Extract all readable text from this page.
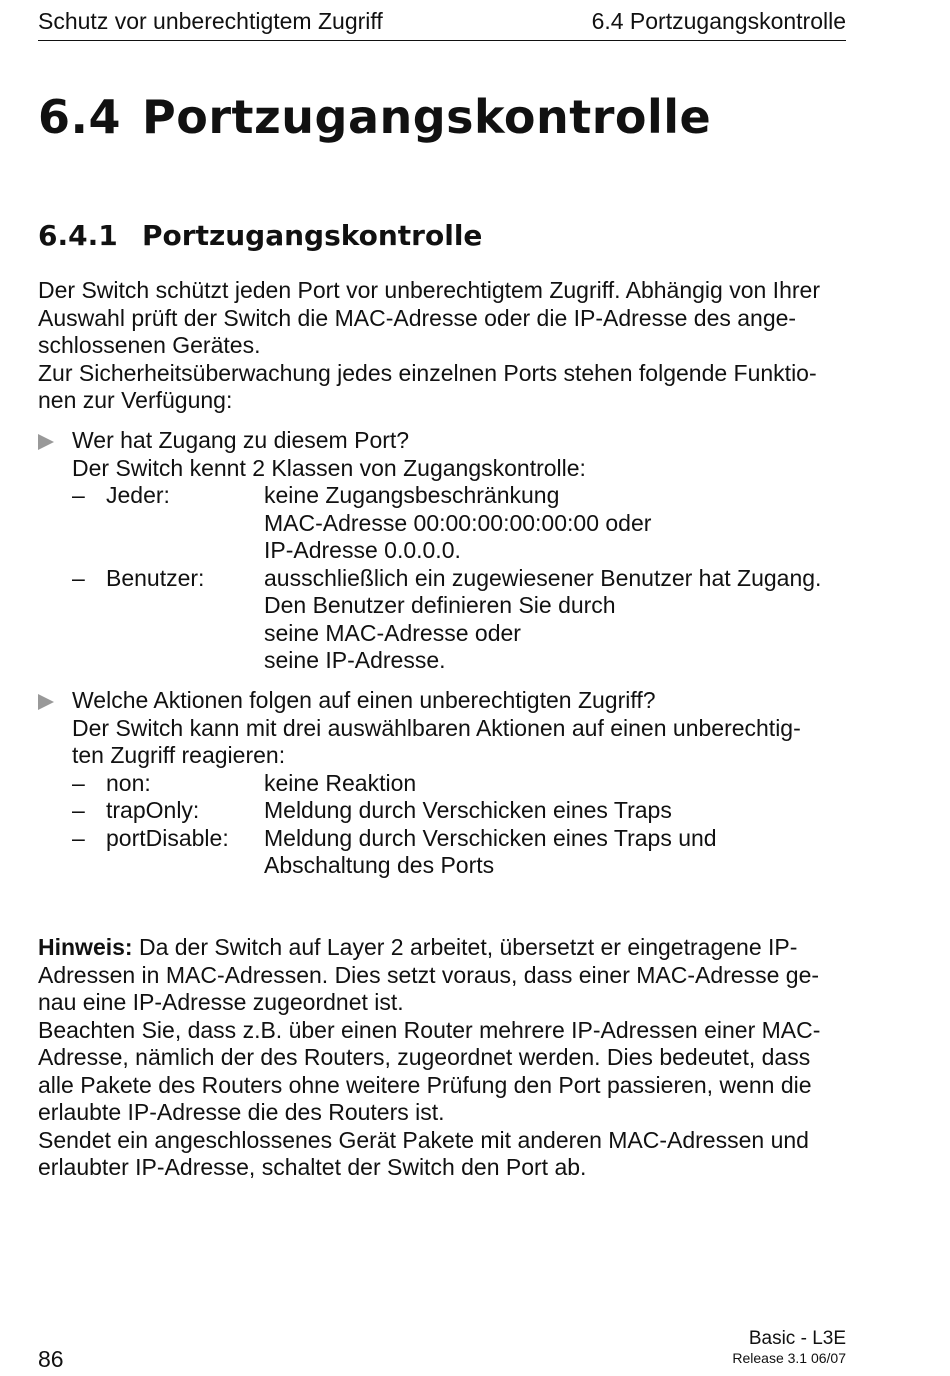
Schutz vor unberechtigtem Zugriff	6.4 Portzugangskontrolle
6.4 Portzugangskontrolle
6.4.1 Portzugangskontrolle
Der Switch schützt jeden Port vor unberechtigtem Zugriff. Abhängig von Ihrer
Auswahl prüft der Switch die MAC-Adresse oder die IP-Adresse des ange-
schlossenen Gerätes.
Zur Sicherheitsüberwachung jedes einzelnen Ports stehen folgende Funktio-
nen zur Verfügung:
Wer hat Zugang zu diesem Port?
Der Switch kennt 2 Klassen von Zugangskontrolle:
– Jeder:	keine Zugangsbeschränkung
MAC-Adresse 00:00:00:00:00:00 oder
IP-Adresse 0.0.0.0.
– Benutzer:	ausschließlich ein zugewiesener Benutzer hat Zugang.
Den Benutzer definieren Sie durch
seine MAC-Adresse oder
seine IP-Adresse.
Welche Aktionen folgen auf einen unberechtigten Zugriff?
Der Switch kann mit drei auswählbaren Aktionen auf einen unberechtig-
ten Zugriff reagieren:
– non:	keine Reaktion
– trapOnly:	Meldung durch Verschicken eines Traps
– portDisable:	Meldung durch Verschicken eines Traps und
Abschaltung des Ports
Hinweis: Da der Switch auf Layer 2 arbeitet, übersetzt er eingetragene IP-
Adressen in MAC-Adressen. Dies setzt voraus, dass einer MAC-Adresse ge-
nau eine IP-Adresse zugeordnet ist.
Beachten Sie, dass z.B. über einen Router mehrere IP-Adressen einer MAC-
Adresse, nämlich der des Routers, zugeordnet werden. Dies bedeutet, dass
alle Pakete des Routers ohne weitere Prüfung den Port passieren, wenn die
erlaubte IP-Adresse die des Routers ist.
Sendet ein angeschlossenes Gerät Pakete mit anderen MAC-Adressen und
erlaubter IP-Adresse, schaltet der Switch den Port ab.
86
Basic - L3E
Release 3.1 06/07
